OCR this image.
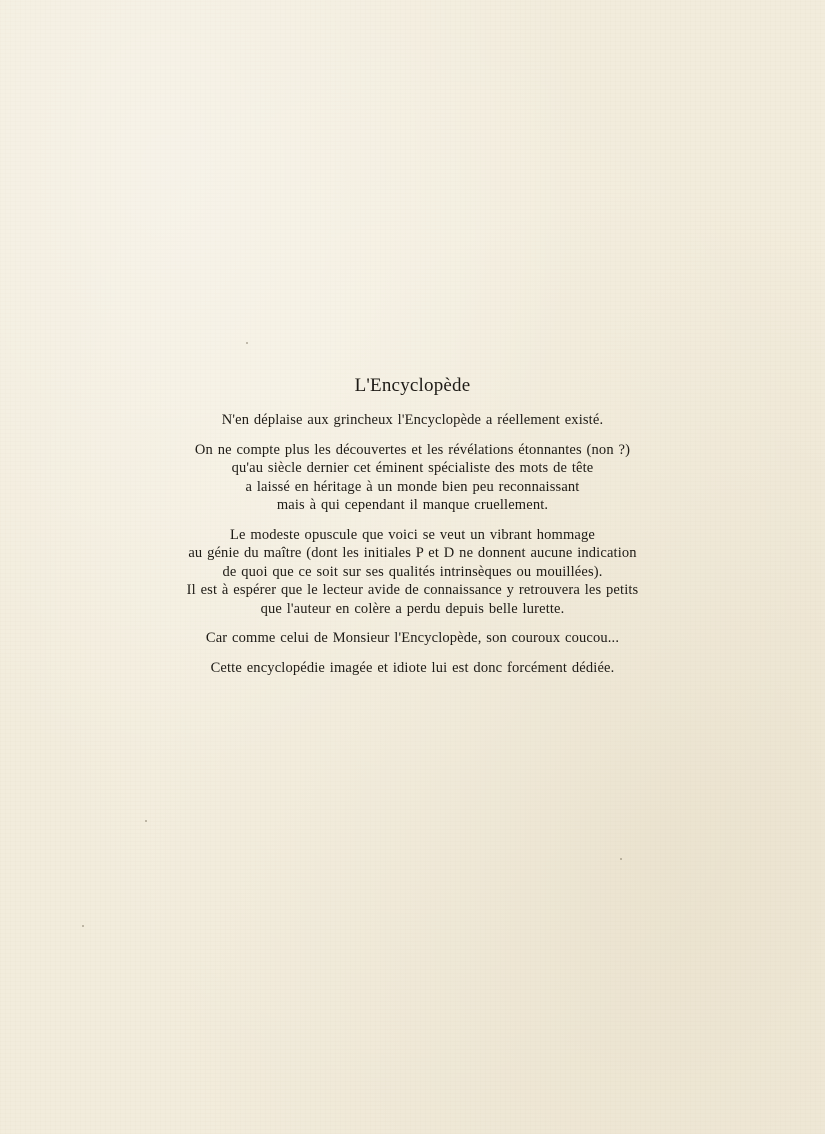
L'Encyclopède

N'en déplaise aux grincheux l'Encyclopède a réellement existé.

On ne compte plus les découvertes et les révélations étonnantes (non ?)
qu'au siècle dernier cet éminent spécialiste des mots de tête
a laissé en héritage à un monde bien peu reconnaissant
mais à qui cependant il manque cruellement.

Le modeste opuscule que voici se veut un vibrant hommage
au génie du maître (dont les initiales P et D ne donnent aucune indication
de quoi que ce soit sur ses qualités intrinsèques ou mouillées).
Il est à espérer que le lecteur avide de connaissance y retrouvera les petits
que l'auteur en colère a perdu depuis belle lurette.

Car comme celui de Monsieur l'Encyclopède, son couroux coucou...

Cette encyclopédie imagée et idiote lui est donc forcément dédiée.
